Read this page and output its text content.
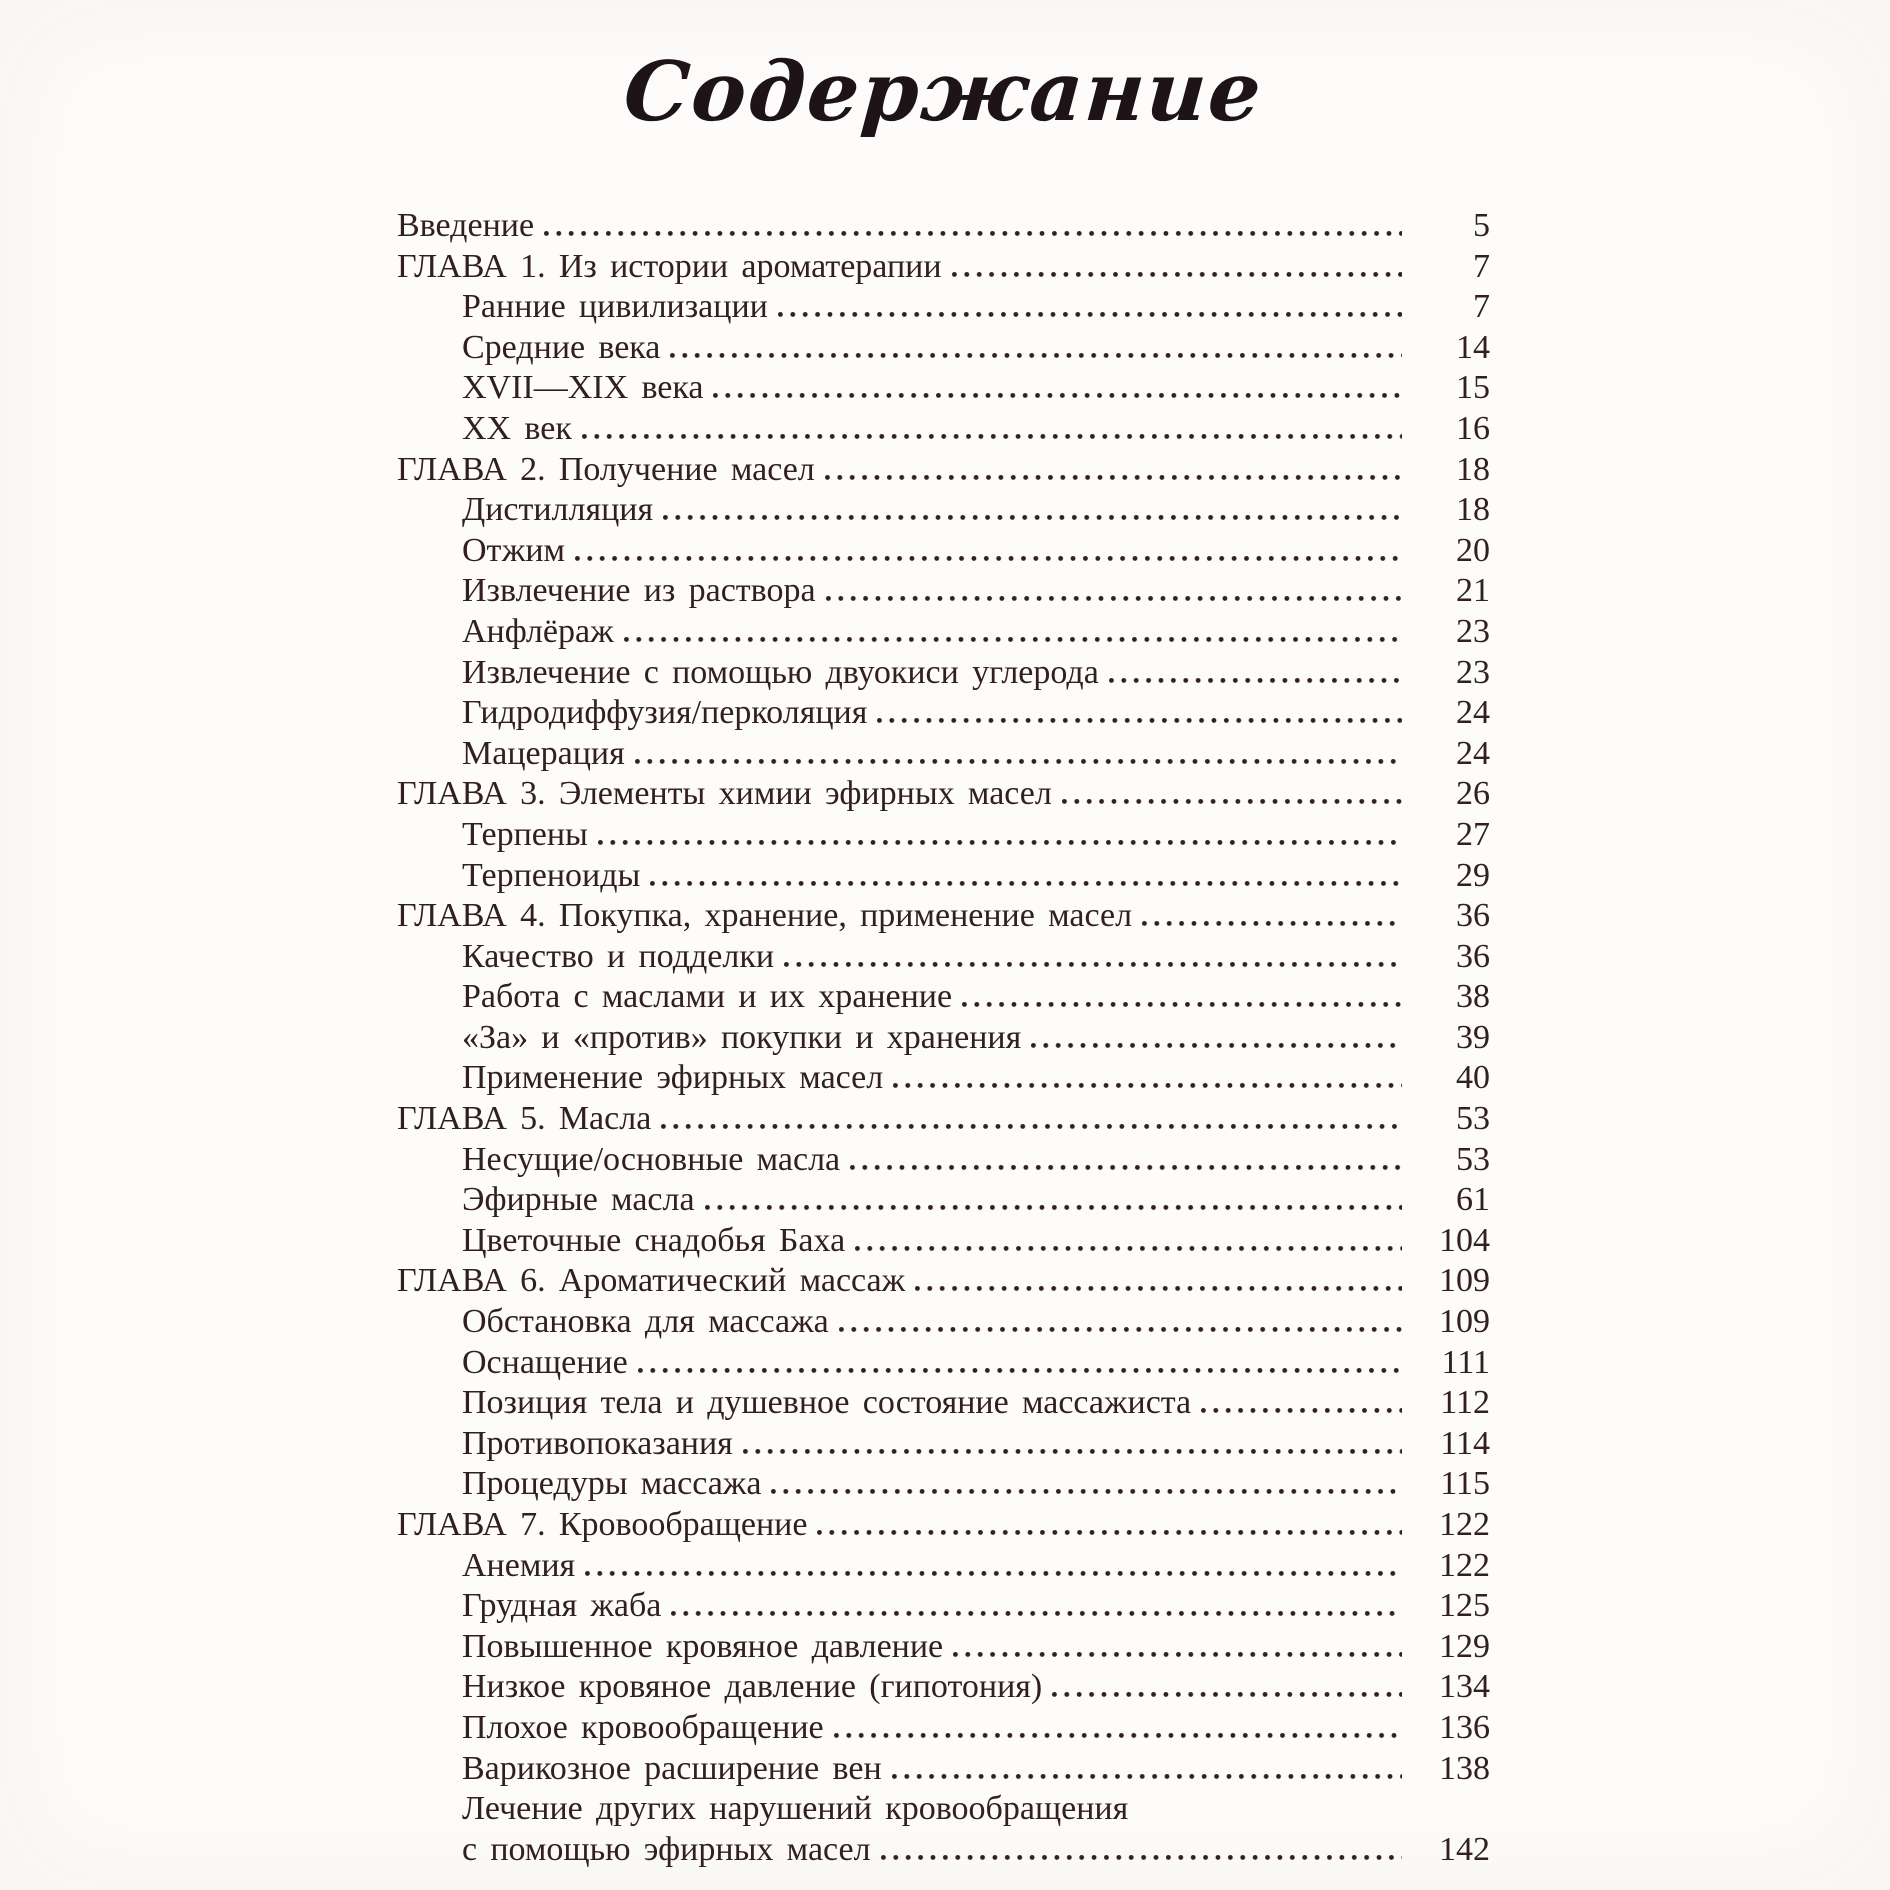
Содержание
Введение	5
ГЛАВА 1. Из истории ароматерапии	7
Ранние цивилизации	7
Средние века	14
XVII—XIX века	15
XX век	16
ГЛАВА 2. Получение масел	18
Дистилляция	18
Отжим	20
Извлечение из раствора	21
Анфлёраж	23
Извлечение с помощью двуокиси углерода	23
Гидродиффузия/перколяция	24
Мацерация	24
ГЛАВА 3. Элементы химии эфирных масел	26
Терпены	27
Терпеноиды	29
ГЛАВА 4. Покупка, хранение, применение масел	36
Качество и подделки	36
Работа с маслами и их хранение	38
«За» и «против» покупки и хранения	39
Применение эфирных масел	40
ГЛАВА 5. Масла	53
Несущие/основные масла	53
Эфирные масла	61
Цветочные снадобья Баха	104
ГЛАВА 6. Ароматический массаж	109
Обстановка для массажа	109
Оснащение	111
Позиция тела и душевное состояние массажиста	112
Противопоказания	114
Процедуры массажа	115
ГЛАВА 7. Кровообращение	122
Анемия	122
Грудная жаба	125
Повышенное кровяное давление	129
Низкое кровяное давление (гипотония)	134
Плохое кровообращение	136
Варикозное расширение вен	138
Лечение других нарушений кровообращения
с помощью эфирных масел	142
